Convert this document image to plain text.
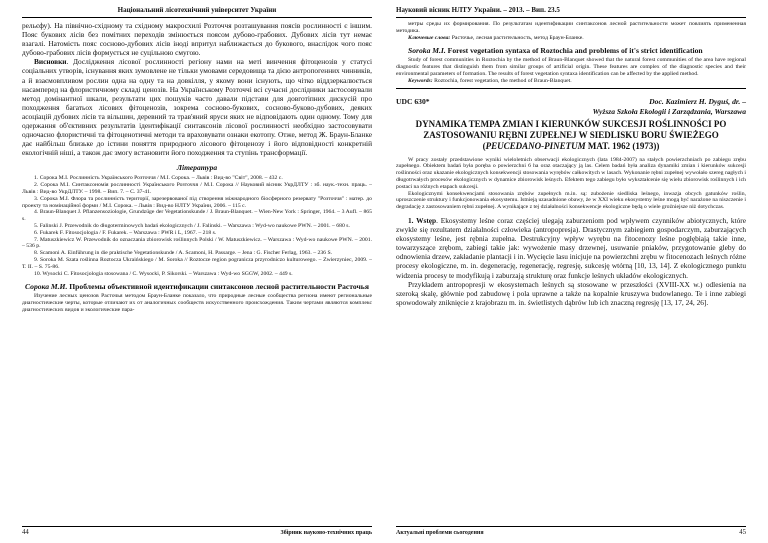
Національний лісотехнічний університет України

рельєфу). На північно-східному та східному макросхилі Розточчя розташування поясів рослинності є іншим. Пояс букових лісів без помітних переходів змінюється поясом дубово-грабових. Дубових лісів тут немає взагалі. Натомість пояс сосново-дубових лісів іноді впритул наближається до букового, внаслідок чого пояс дубово-грабових лісів формується не суцільною смугою.

Висновки. Дослідження лісової рослинності регіону нами на меті винчення фітоценозів у статусі соціальних утворів, існування яких зумовлене не тільки умовами середовища та дією антропогенних чинників, а й взаємовпливом рослин одна на одну та на довкілля, у якому вони існують, що чітко віддзеркалюється насамперед на флористичному складі ценозів. На Українському Розточчі всі сучасні дослідники застосовували метод домінантної шкали, результати цих пошуків часто давали підстави для довготіпних дискусій про походження багатьох лісових фітоценозів, зокрема сосново-букових, сосново-буково-дубових, деяких асоціацій дубових лісів та вільшин, деревний та трав'яний яруси яких не відповідають один одному. Тому для одержання об'єктивних результатів ідентифікації синтаксонів лісової рослинності необхідно застосовувати одночасно флористичні та фітоценотичні методи та враховувати ознаки екотопу. Отже, метод Ж. Браун-Бланке дає найбільш близьке до істини поняття природного лісового фітоценозу і його відповідності конкретній екологічній ніші, а також дає змогу встановити його походження та ступінь трансформації.

Література

1. Сорока М.І. Рослинність Українського Розточчя / М.І. Сорока. – Львів : Вид-во "Світ", 2008. – 432 с.

2. Сорока М.І. Синтаксономія рослинності Українського Розточчя / М.І. Сорока // Науковий вісник УкрДЛТУ : зб. наук.-техн. праць. – Львів : Вид-во УкрДЛТУ. – 1998. – Вип. 7. – С. 37-41.

3. Сорока М.І. Флора та рослинність території, зарезервованої під створення міжнародного біосферного резервату "Розточчя" : матер. до проекту та номінаційної форми / М.І. Сорока. – Львів : Вид-во НЛТУ України, 2006. – 115 с.

4. Braun-Blanquet J. Pflanzensoziologie, Grundzüge der Vegetationskunde / J. Braun-Blanquet. – Wien-New York : Springer, 1964. – 3 Aufl. – 865 s.

5. Falinski J. Przewodnik do długoterminowych badań ekologicznych / J. Falinski. – Warszawa : Wyd-wo naukowe PWN. – 2001. – 680 s.

6. Fukarek F. Fitosocjologia / F. Fukarek. – Warszawa : PWR i L, 1967. – 218 s.

7. Matuszkiewicz W. Przewodnik do oznaczania zbiorowisk roślinnych Polski / W. Matuszkiewicz. – Warszawa : Wyd-wo naukowe PWN. – 2001. – 536 p.

8. Scamoni A. Einführung in die praktische Vegetationskunde / A. Scamoni, H. Passarge. – Jena : G. Fischer Ferlag, 1963. – 236 S.

9. Soroka M. Szata roślinna Roztocza Ukraińskiego / M. Soroka // Roztocze region pogranicza przyrodniczo kulturowego. – Zwierzyniec, 2009. – T. II. – S. 75-86.

10. Wysocki C. Fitosocjologia stosowana / C. Wysocki, P. Sikorski. – Warszawa : Wyd-wo SGGW, 2002. – 449 s.

Сорока М.И. Проблемы объективной идентификации синтаксонов лесной растительности Расточья

Изучение лесных ценозов Расточья методом Браун-Бланке показало, что природные лесные сообщества региона имеют региональные диагностические черты, которые отличают их от аналогичных сообществ искусственного происхождения. Таким чертами являются комплекс диагностических видов и экологические пара-

44	Збірник науково-технічних праць
Науковий вісник НЛТУ України. – 2013. – Вип. 23.5

метры среды их формирования. По результатам идентификации синтаксонов лесной растительности может повлиять примененная методика.

Ключевые слова: Расточье, лесная растительность, метод Браун-Бланке.

Soroka M.I. Forest vegetation syntaxa of Roztochia and problems of it's strict identification

Study of forest communities in Roztochia by the method of Braun-Blanquet showed that the natural forest communities of the area have regional diagnostic features that distinguish them from similar groups of artificial origin. These features are complex of the diagnostic species and their environmental parameters of formation. The results of forest vegetation syntaxa identification can be affected by the applied method.

Keywords: Roztochia, forest vegetation, the method of Braun-Blanquet.

UDC 630*	Doc. Kazimierz H. Dyguś, dr. –
Wyższa Szkoła Ekologii i Zarządzania, Warszawa
DYNAMIKA TEMPA ZMIAN I KIERUNKÓW SUKCESJI ROŚLINNOŚCI PO ZASTOSOWANIU RĘBNI ZUPEŁNEJ W SIEDLISKU BORU ŚWIEŻEGO (PEUCEDANO-PINETUM MAT. 1962 (1973))

W pracy zostały przedstawione wyniki wieloletnich obserwacji ekologicznych (lata 1984-2007) na stałych powierzchniach po zabiegu zrębu zupełnego. Obiektem badań była poręba o powierzchni 6 ha oraz otaczający ją las. Celem badań była analiza dynamiki zmian i kierunków sukcesji roślinności oraz ukazanie ekologicznych konsekwencji stosowania wyrębów całkowitych w lasach. Wykonanie rębni zupełnej wywołało szereg nagłych i długotrwałych procesów ekologicznych w dynamice zbiorowisk leśnych. Efektem tego zabiegu było wykształcenie się wielu zbiorowisk roślinnych i ich postaci na różnych etapach sukcesji.

Ekologicznymi konsekwencjami stosowania zrębów zupełnych m.in. są: zubożenie siedliska leśnego, inwazja obcych gatunków roślin, uproszczenie struktury i funkcjonowania ekosystemu. Istnieją uzasadnione obawy, że w XXI wieku ekosystemy leśne mogą być narażone na niszczenie i degradację z zastosowaniem rębni zupełnej. A wynikające z tej działalności konsekwencje ekologiczne będą o wiele groźniejsze niż dotychczas.

1. Wstęp. Ekosystemy leśne coraz częściej ulegają zaburzeniom pod wpływem czynników abiotycznych, które zwykle się rezultatem działalności człowieka (antropopresja). Drastycznym zabiegiem gospodarczym, zaburzających ekosystemy leśne, jest rębnia zupełna. Destrukcyjny wpływ wyrębu na fitocenozy leśne pogłębiają takie inne, towarzyszące zrębom, zabiegi takie jak: wywożenie masy drzewnej, usuwanie pniaków, przygotowanie gleby do odnowienia drzew, zakładanie plantacji i in. Wycięcie lasu inicjuje na powierzchni zrębu w fitocenozach leśnych różne procesy ekologiczne, m. in. degenerację, regenerację, regresję, sukcesję wtórną [10, 13, 14]. Z ekologicznego punktu widzenia procesy te modyfikują i zaburzają strukturę oraz funkcje leśnych układów ekologicznych.

Przykładem antropopresji w ekosystemach leśnych są stosowane w przeszłości (XVIII-XX w.) odlesienia na szeroką skalę, głównie pod zabudowę i pola uprawne a także na kopalnie kruszywa budowlanego. Te i inne zabiegi spowodowały zniknięcie z krajobrazu m. in. świetlistych dąbrów lub ich znaczną regresję [13, 17, 24, 26].

Актуальні проблеми сьогодення	45
